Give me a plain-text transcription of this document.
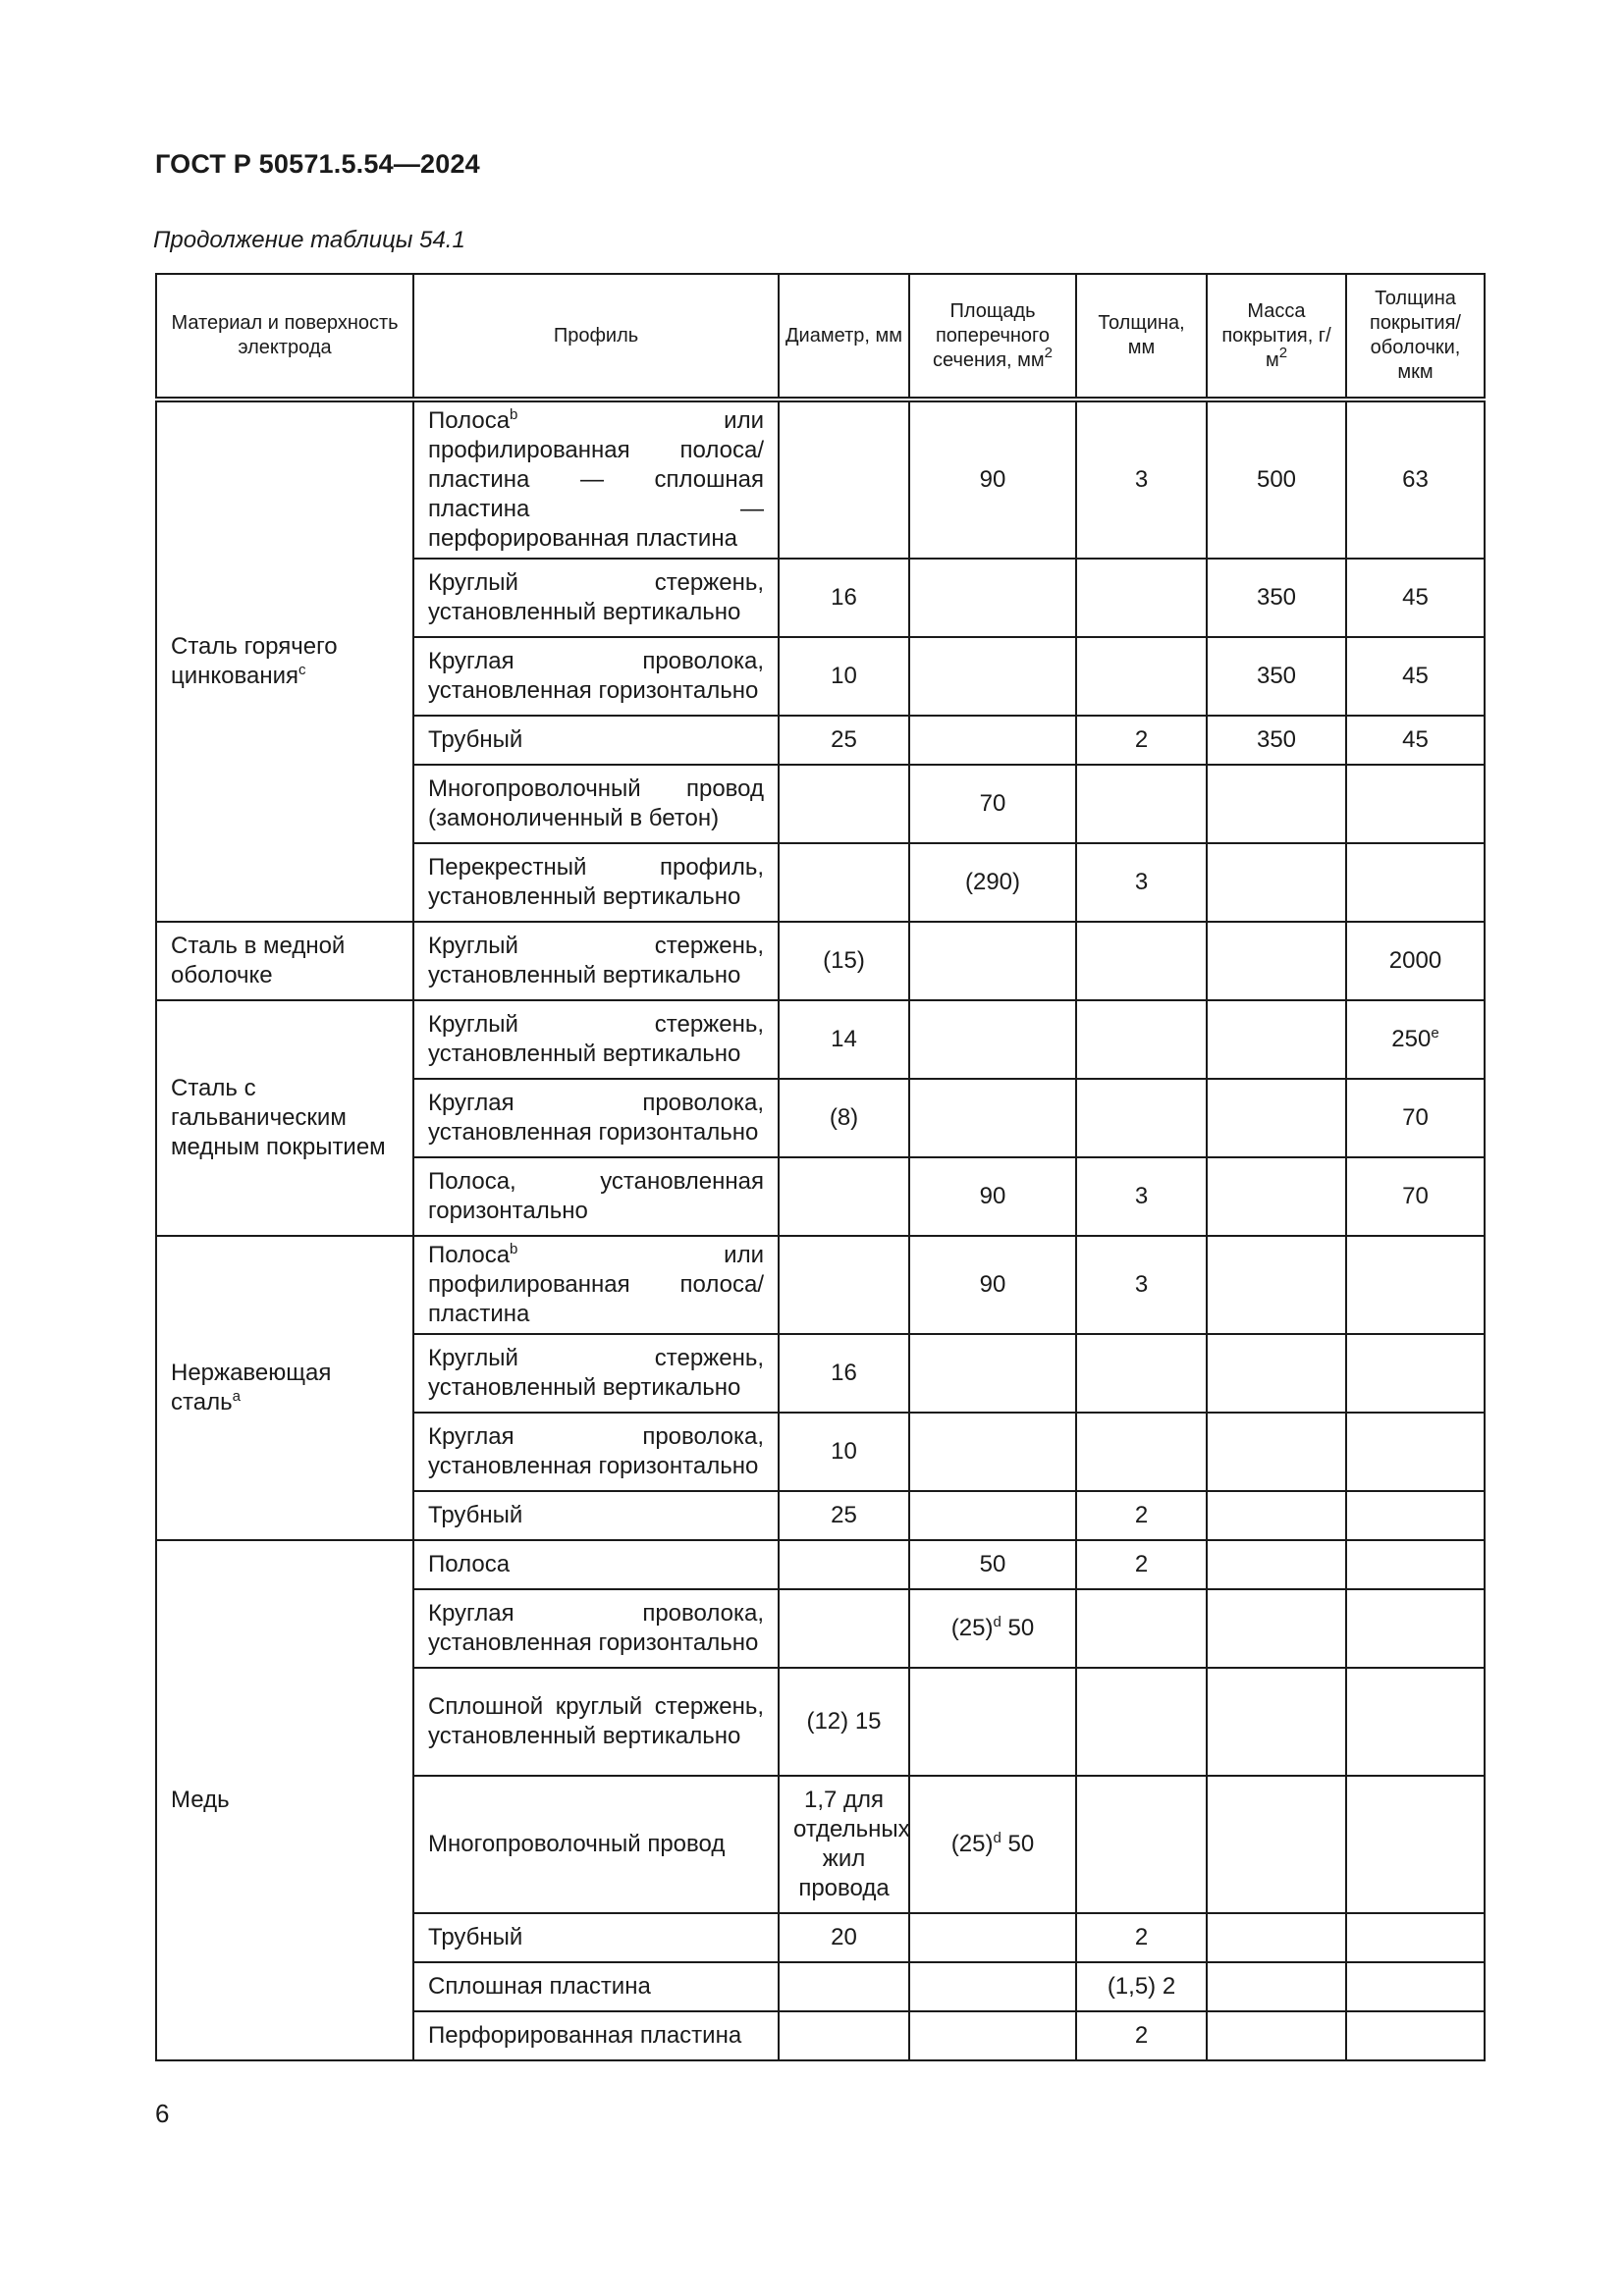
ГОСТ Р 50571.5.54—2024
Продолжение таблицы 54.1
Материал и поверхность электрода	Профиль	Диаметр, мм	Площадь поперечного сечения, $мм^2$	Толщина, мм	Масса покрытия, $г/м^2$	Толщина покрытия/ оболочки, мкм
Сталь горячего цинкования$^c$	Полоса$^b$ или профилированная полоса/пластина — сплошная пластина — перфорированная пластина		90	3	500	63
	Круглый стержень, установленный вертикально	16			350	45
	Круглая проволока, установленная горизонтально	10			350	45
	Трубный	25		2	350	45
	Многопроволочный провод (замоноличенный в бетон)		70			
	Перекрестный профиль, установленный вертикально		(290)	3		
Сталь в медной оболочке	Круглый стержень, установленный вертикально	(15)				2000
Сталь с гальваническим медным покрытием	Круглый стержень, установленный вертикально	14				250e
	Круглая проволока, установленная горизонтально	(8)				70
	Полоса, установленная горизонтально		90	3		70
Нержавеющая сталь$^a$	Полоса$^b$ или профилированная полоса/пластина		90	3		
	Круглый стержень, установленный вертикально	16				
	Круглая проволока, установленная горизонтально	10				
	Трубный	25		2		
Медь	Полоса		50	2		
	Круглая проволока, установленная горизонтально		$(25)^d$ 50			
	Сплошной круглый стержень, установленный вертикально	(12) 15				
	Многопроволочный провод	1,7 для отдельных жил провода	$(25)^d$ 50			
	Трубный	20		2		
	Сплошная пластина			(1,5) 2		
	Перфорированная пластина			2		
6
